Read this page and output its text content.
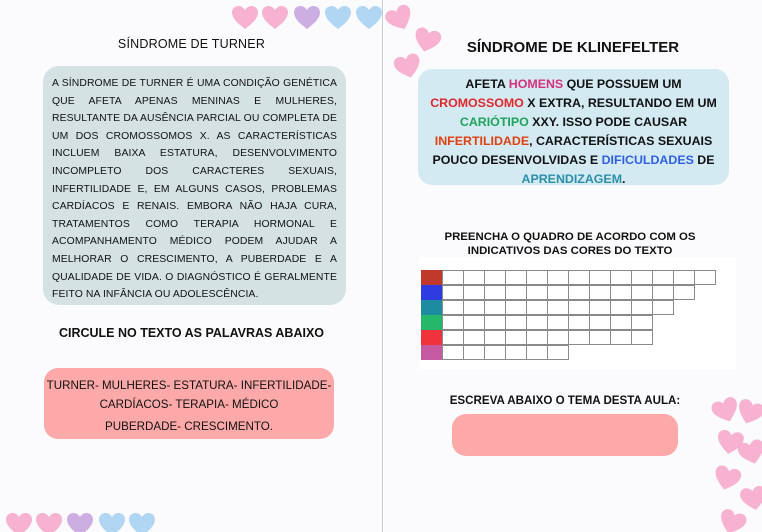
SÍNDROME DE TURNER
A SÍNDROME DE TURNER É UMA CONDIÇÃO GENÉTICA QUE AFETA APENAS MENINAS E MULHERES, RESULTANTE DA AUSÊNCIA PARCIAL OU COMPLETA DE UM DOS CROMOSSOMOS X. AS CARACTERÍSTICAS INCLUEM BAIXA ESTATURA, DESENVOLVIMENTO INCOMPLETO DOS CARACTERES SEXUAIS, INFERTILIDADE E, EM ALGUNS CASOS, PROBLEMAS CARDÍACOS E RENAIS. EMBORA NÃO HAJA CURA, TRATAMENTOS COMO TERAPIA HORMONAL E ACOMPANHAMENTO MÉDICO PODEM AJUDAR A MELHORAR O CRESCIMENTO, A PUBERDADE E A QUALIDADE DE VIDA. O DIAGNÓSTICO É GERALMENTE FEITO NA INFÂNCIA OU ADOLESCÊNCIA.
CIRCULE NO TEXTO AS PALAVRAS ABAIXO
TURNER- MULHERES- ESTATURA- INFERTILIDADE-
CARDÍACOS- TERAPIA- MÉDICO
PUBERDADE- CRESCIMENTO.
SÍNDROME DE KLINEFELTER
AFETA HOMENS QUE POSSUEM UM
CROMOSSOMO X EXTRA, RESULTANDO EM UM
CARIÓTIPO XXY. ISSO PODE CAUSAR
INFERTILIDADE, CARACTERÍSTICAS SEXUAIS
POUCO DESENVOLVIDAS E DIFICULDADES DE
APRENDIZAGEM.
PREENCHA O QUADRO DE ACORDO COM OS
INDICATIVOS DAS CORES DO TEXTO
ESCREVA ABAIXO O TEMA DESTA AULA:
